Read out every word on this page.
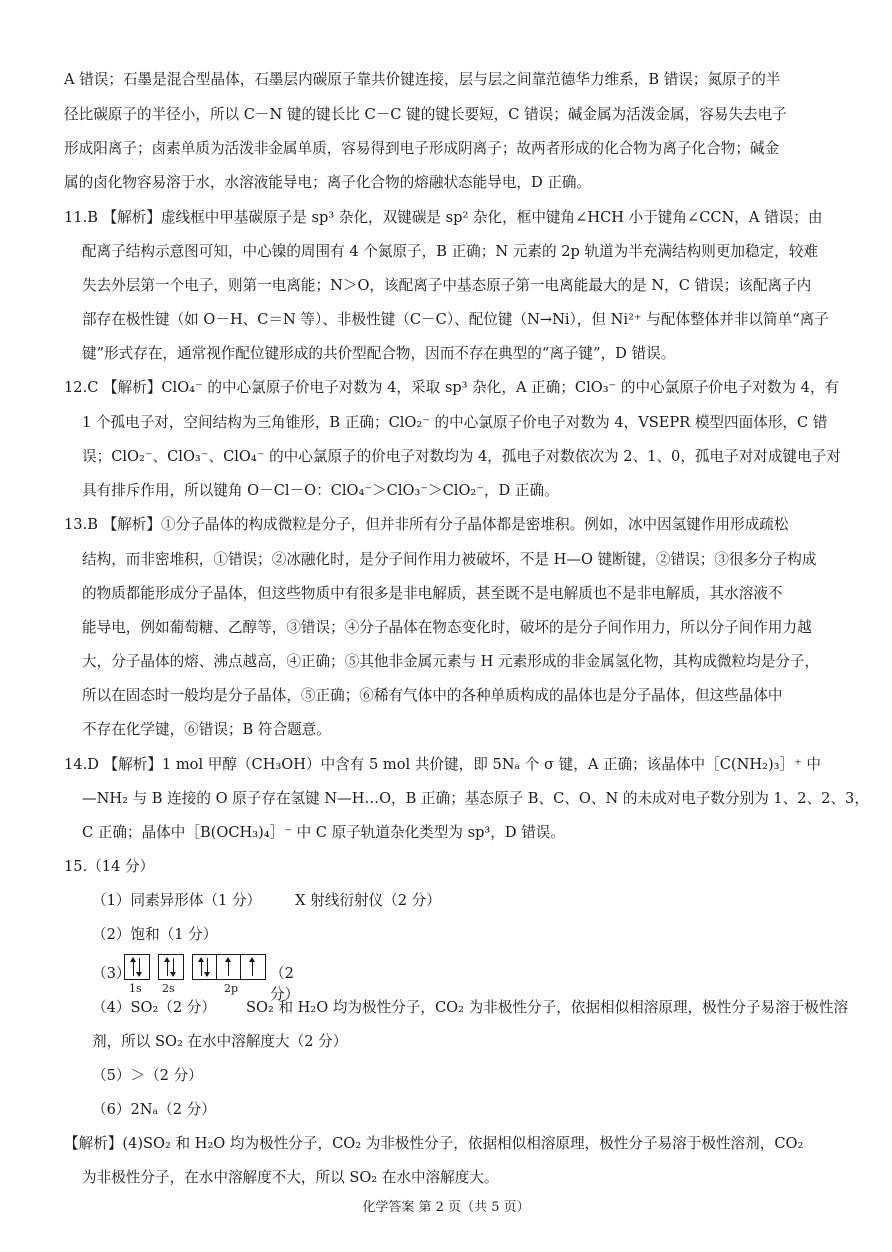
A 错误；石墨是混合型晶体，石墨层内碳原子靠共价键连接，层与层之间靠范德华力维系，B 错误；氮原子的半
径比碳原子的半径小，所以 C－N 键的键长比 C－C 键的键长要短，C 错误；碱金属为活泼金属，容易失去电子
形成阳离子；卤素单质为活泼非金属单质，容易得到电子形成阴离子；故两者形成的化合物为离子化合物；碱金
属的卤化物容易溶于水，水溶液能导电；离子化合物的熔融状态能导电，D 正确。
11.B 【解析】虚线框中甲基碳原子是 sp³ 杂化，双键碳是 sp² 杂化，框中键角∠HCH 小于键角∠CCN，A 错误；由
配离子结构示意图可知，中心镍的周围有 4 个氮原子，B 正确；N 元素的 2p 轨道为半充满结构则更加稳定，较难
失去外层第一个电子，则第一电离能；N＞O，该配离子中基态原子第一电离能最大的是 N，C 错误；该配离子内
部存在极性键（如 O－H、C＝N 等）、非极性键（C－C）、配位键（N→Ni），但 Ni²⁺ 与配体整体并非以简单“离子
键”形式存在，通常视作配位键形成的共价型配合物，因而不存在典型的“离子键”，D 错误。
12.C 【解析】ClO₄⁻ 的中心氯原子价电子对数为 4，采取 sp³ 杂化，A 正确；ClO₃⁻ 的中心氯原子价电子对数为 4，有
1 个孤电子对，空间结构为三角锥形，B 正确；ClO₂⁻ 的中心氯原子价电子对数为 4，VSEPR 模型四面体形，C 错
误；ClO₂⁻、ClO₃⁻、ClO₄⁻ 的中心氯原子的价电子对数均为 4，孤电子对数依次为 2、1、0，孤电子对对成键电子对
具有排斥作用，所以键角 O－Cl－O：ClO₄⁻＞ClO₃⁻＞ClO₂⁻，D 正确。
13.B 【解析】①分子晶体的构成微粒是分子，但并非所有分子晶体都是密堆积。例如，冰中因氢键作用形成疏松
结构，而非密堆积，①错误；②冰融化时，是分子间作用力被破坏，不是 H—O 键断键，②错误；③很多分子构成
的物质都能形成分子晶体，但这些物质中有很多是非电解质，甚至既不是电解质也不是非电解质，其水溶液不
能导电，例如葡萄糖、乙醇等，③错误；④分子晶体在物态变化时，破坏的是分子间作用力，所以分子间作用力越
大，分子晶体的熔、沸点越高，④正确；⑤其他非金属元素与 H 元素形成的非金属氢化物，其构成微粒均是分子，
所以在固态时一般均是分子晶体，⑤正确；⑥稀有气体中的各种单质构成的晶体也是分子晶体，但这些晶体中
不存在化学键，⑥错误；B 符合题意。
14.D 【解析】1 mol 甲醇（CH₃OH）中含有 5 mol 共价键，即 5Nₐ 个 σ 键，A 正确；该晶体中［C(NH₂)₃］⁺ 中
—NH₂ 与 B 连接的 O 原子存在氢键 N—H…O，B 正确；基态原子 B、C、O、N 的未成对电子数分别为 1、2、2、3，
C 正确；晶体中［B(OCH₃)₄］⁻ 中 C 原子轨道杂化类型为 sp³，D 错误。
15.（14 分）
（1）同素异形体（1 分） X 射线衍射仪（2 分）
（2）饱和（1 分）
（3）
1s 2s	2p
（2 分）
（4）SO₂（2 分） SO₂ 和 H₂O 均为极性分子，CO₂ 为非极性分子，依据相似相溶原理，极性分子易溶于极性溶
剂，所以 SO₂ 在水中溶解度大（2 分）
（5）＞（2 分）
（6）2Nₐ（2 分）
【解析】(4)SO₂ 和 H₂O 均为极性分子，CO₂ 为非极性分子，依据相似相溶原理，极性分子易溶于极性溶剂，CO₂
为非极性分子，在水中溶解度不大，所以 SO₂ 在水中溶解度大。
化学答案 第 2 页（共 5 页）
